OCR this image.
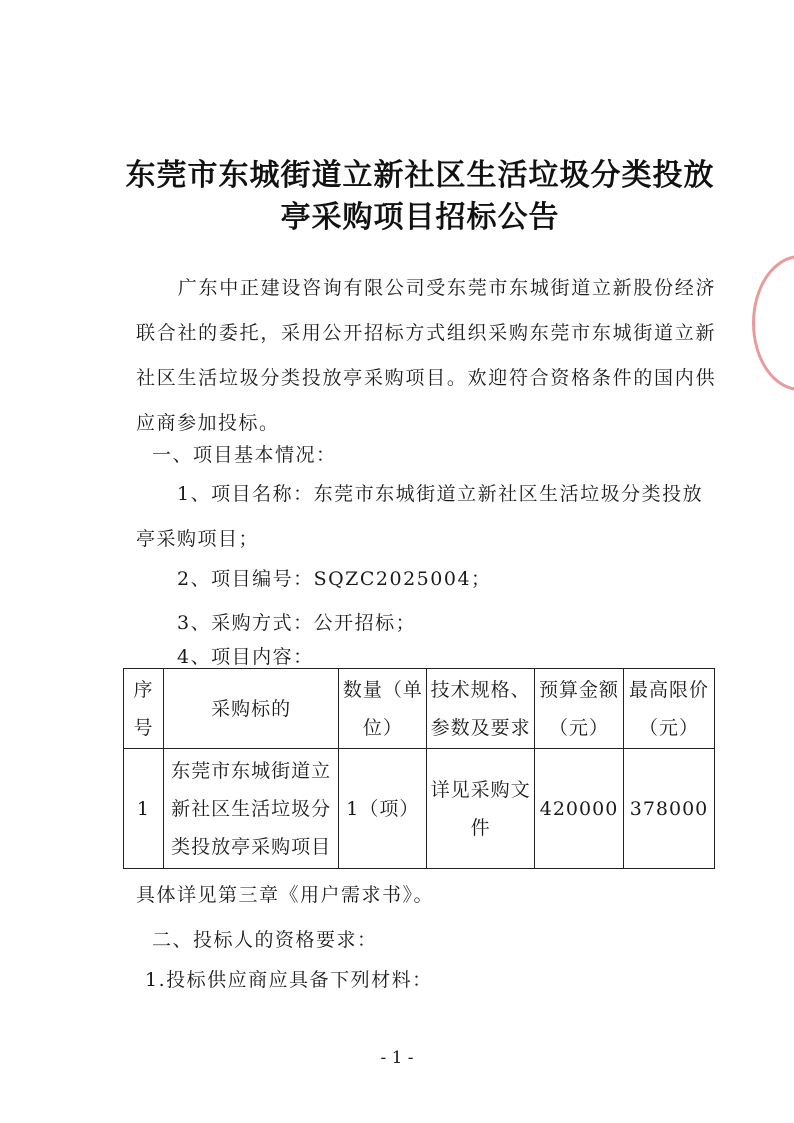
东莞市东城街道立新社区生活垃圾分类投放
亭采购项目招标公告
广东中正建设咨询有限公司受东莞市东城街道立新股份经济联合社的委托，采用公开招标方式组织采购东莞市东城街道立新社区生活垃圾分类投放亭采购项目。欢迎符合资格条件的国内供应商参加投标。
一、项目基本情况：
1、项目名称：东莞市东城街道立新社区生活垃圾分类投放亭采购项目；
2、项目编号：SQZC2025004；
3、采购方式：公开招标；
4、项目内容：
序号	采购标的	数量（单位）	技术规格、参数及要求	预算金额（元）	最高限价（元）
1	东莞市东城街道立新社区生活垃圾分类投放亭采购项目	1（项）	详见采购文件	420000	378000
具体详见第三章《用户需求书》。
二、投标人的资格要求：
1.投标供应商应具备下列材料：
- 1 -
